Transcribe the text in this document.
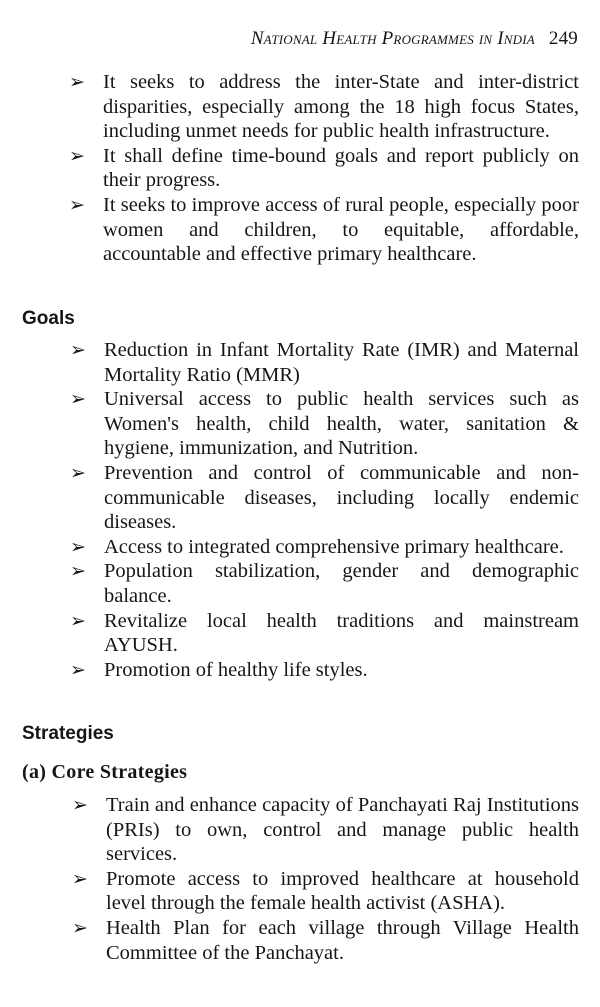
National Health Programmes in India 249
➢ It seeks to address the inter-State and inter-district disparities, especially among the 18 high focus States, including unmet needs for public health infrastructure.
➢ It shall define time-bound goals and report publicly on their progress.
➢ It seeks to improve access of rural people, especially poor women and children, to equitable, affordable, accountable and effective primary healthcare.
Goals
➢ Reduction in Infant Mortality Rate (IMR) and Maternal Mortality Ratio (MMR)
➢ Universal access to public health services such as Women's health, child health, water, sanitation & hygiene, immunization, and Nutrition.
➢ Prevention and control of communicable and non-communicable diseases, including locally endemic diseases.
➢ Access to integrated comprehensive primary healthcare.
➢ Population stabilization, gender and demographic balance.
➢ Revitalize local health traditions and mainstream AYUSH.
➢ Promotion of healthy life styles.
Strategies
(a) Core Strategies
➢ Train and enhance capacity of Panchayati Raj Institutions (PRIs) to own, control and manage public health services.
➢ Promote access to improved healthcare at household level through the female health activist (ASHA).
➢ Health Plan for each village through Village Health Committee of the Panchayat.
